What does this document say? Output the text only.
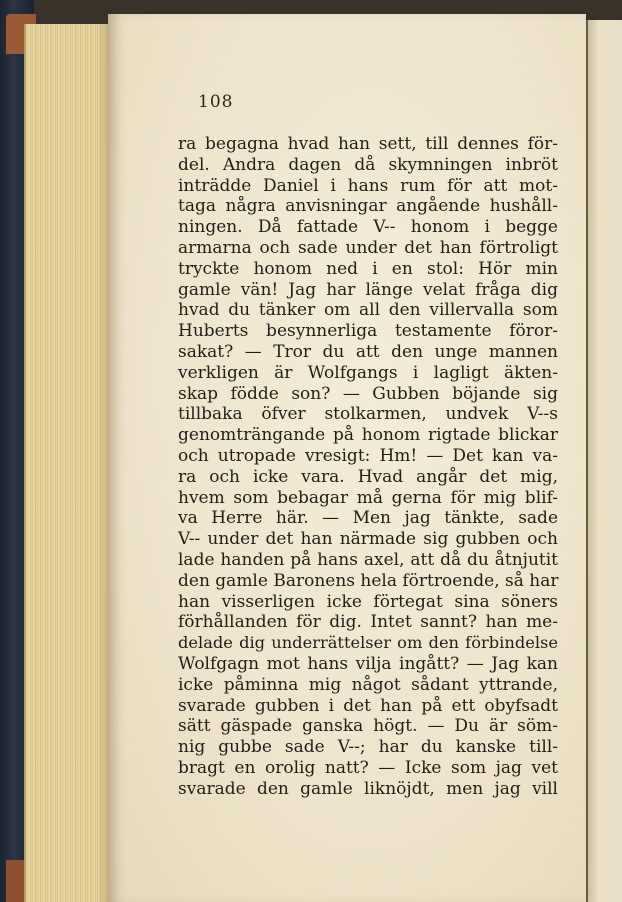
108
ra begagna hvad han sett, till dennes för-
del. Andra dagen då skymningen inbröt
inträdde Daniel i hans rum för att mot-
taga några anvisningar angående hushåll-
ningen. Då fattade V-- honom i begge
armarna och sade under det han förtroligt
tryckte honom ned i en stol: Hör min
gamle vän! Jag har länge velat fråga dig
hvad du tänker om all den villervalla som
Huberts besynnerliga testamente föror-
sakat? — Tror du att den unge mannen
verkligen är Wolfgangs i lagligt äkten-
skap födde son? — Gubben böjande sig
tillbaka öfver stolkarmen, undvek V--s
genomträngande på honom rigtade blickar
och utropade vresigt: Hm! — Det kan va-
ra och icke vara. Hvad angår det mig,
hvem som bebagar må gerna för mig blif-
va Herre här. — Men jag tänkte, sade
V-- under det han närmade sig gubben och
lade handen på hans axel, att då du åtnjutit
den gamle Baronens hela förtroende, så har
han visserligen icke förtegat sina söners
förhållanden för dig. Intet sannt? han me-
delade dig underrättelser om den förbindelse
Wolfgagn mot hans vilja ingått? — Jag kan
icke påminna mig något sådant yttrande,
svarade gubben i det han på ett obyfsadt
sätt gäspade ganska högt. — Du är söm-
nig gubbe sade V--; har du kanske till-
bragt en orolig natt? — Icke som jag vet
svarade den gamle liknöjdt, men jag vill
